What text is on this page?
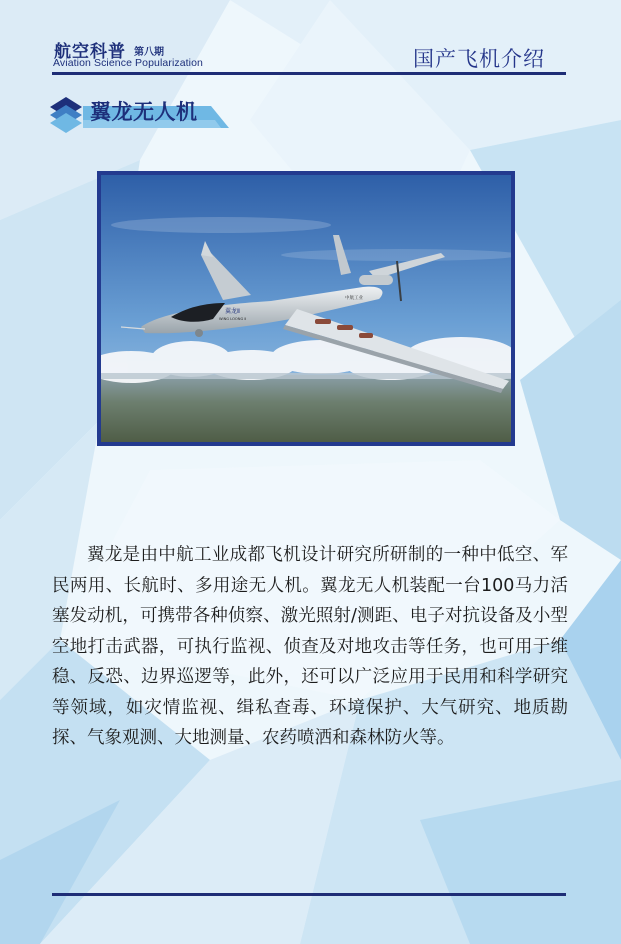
航空科普 第八期
Aviation Science Popularization	国产飞机介绍
翼龙无人机
翼龙Ⅱ
WING LOONG Ⅱ
中航工业

翼龙是由中航工业成都飞机设计研究所研制的一种中低空、军民两用、长航时、多用途无人机。翼龙无人机装配一台100马力活塞发动机，可携带各种侦察、激光照射/测距、电子对抗设备及小型空地打击武器，可执行监视、侦查及对地攻击等任务，也可用于维稳、反恐、边界巡逻等，此外，还可以广泛应用于民用和科学研究等领域，如灾情监视、缉私查毒、环境保护、大气研究、地质勘探、气象观测、大地测量、农药喷洒和森林防火等。
